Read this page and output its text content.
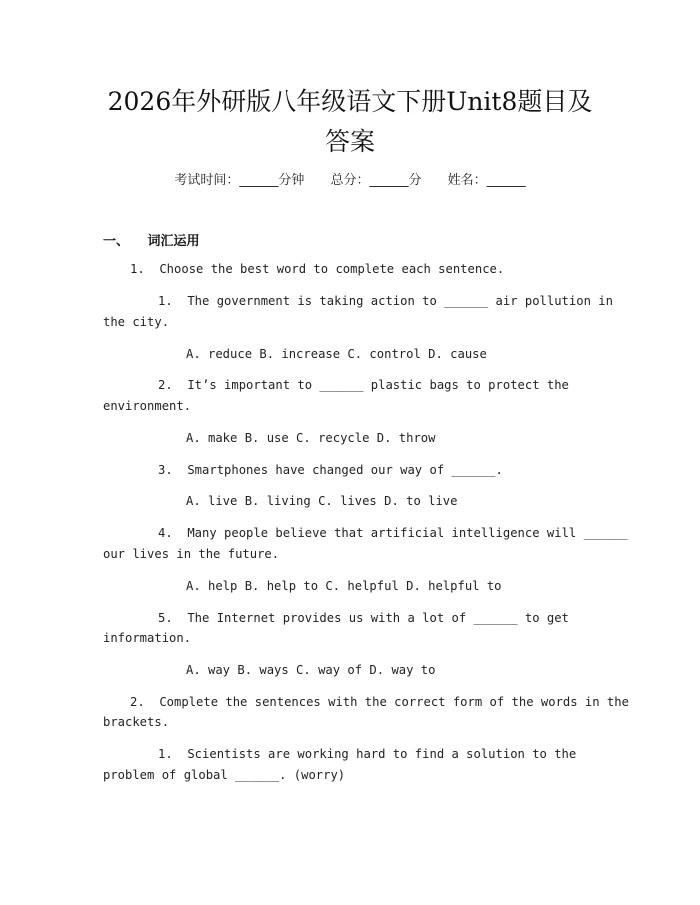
2026年外研版八年级语文下册Unit8题目及
答案
考试时间：______分钟 总分：______分 姓名：______
一、 词汇运用
1.  Choose the best word to complete each sentence.
1.  The government is taking action to ______ air pollution in
the city.
A. reduce B. increase C. control D. cause
2.  It’s important to ______ plastic bags to protect the
environment.
A. make B. use C. recycle D. throw
3.  Smartphones have changed our way of ______.
A. live B. living C. lives D. to live
4.  Many people believe that artificial intelligence will ______
our lives in the future.
A. help B. help to C. helpful D. helpful to
5.  The Internet provides us with a lot of ______ to get
information.
A. way B. ways C. way of D. way to
2.  Complete the sentences with the correct form of the words in the
brackets.
1.  Scientists are working hard to find a solution to the
problem of global ______. (worry)
